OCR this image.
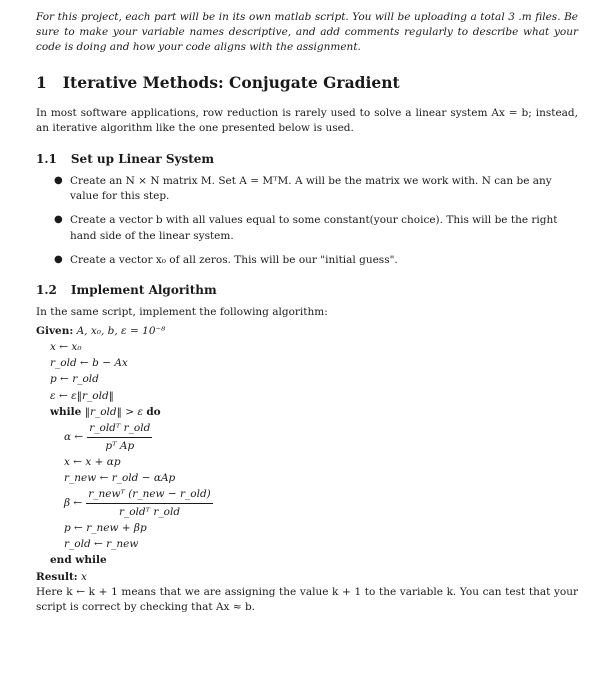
For this project, each part will be in its own matlab script. You will be uploading a total 3 .m files. Be sure to make your variable names descriptive, and add comments regularly to describe what your code is doing and how your code aligns with the assignment.

1 Iterative Methods: Conjugate Gradient

In most software applications, row reduction is rarely used to solve a linear system Ax = b; instead, an iterative algorithm like the one presented below is used.

1.1 Set up Linear System
● Create an N × N matrix M. Set A = MᵀM. A will be the matrix we work with. N can be any value for this step.
● Create a vector b with all values equal to some constant(your choice). This will be the right hand side of the linear system.
● Create a vector x₀ of all zeros. This will be our "initial guess".
1.2 Implement Algorithm

In the same script, implement the following algorithm:

Given: A, x₀, b, ε = 10⁻⁸
x ← x₀
r_old ← b − Ax
p ← r_old
ε ← ε‖r_old‖
while ‖r_old‖ > ε do
α ← $\frac{\text{r\_oldᵀ r\_old}}{\text{pᵀ Ap}}$
x ← x + αp
r_new ← r_old − αAp
β ← $\frac{\text{r\_newᵀ (r\_new − r\_old)}}{\text{r\_oldᵀ r\_old}}$
p ← r_new + βp
r_old ← r_new
end while
Result: x

Here k ← k + 1 means that we are assigning the value k + 1 to the variable k. You can test that your script is correct by checking that Ax ≈ b.
